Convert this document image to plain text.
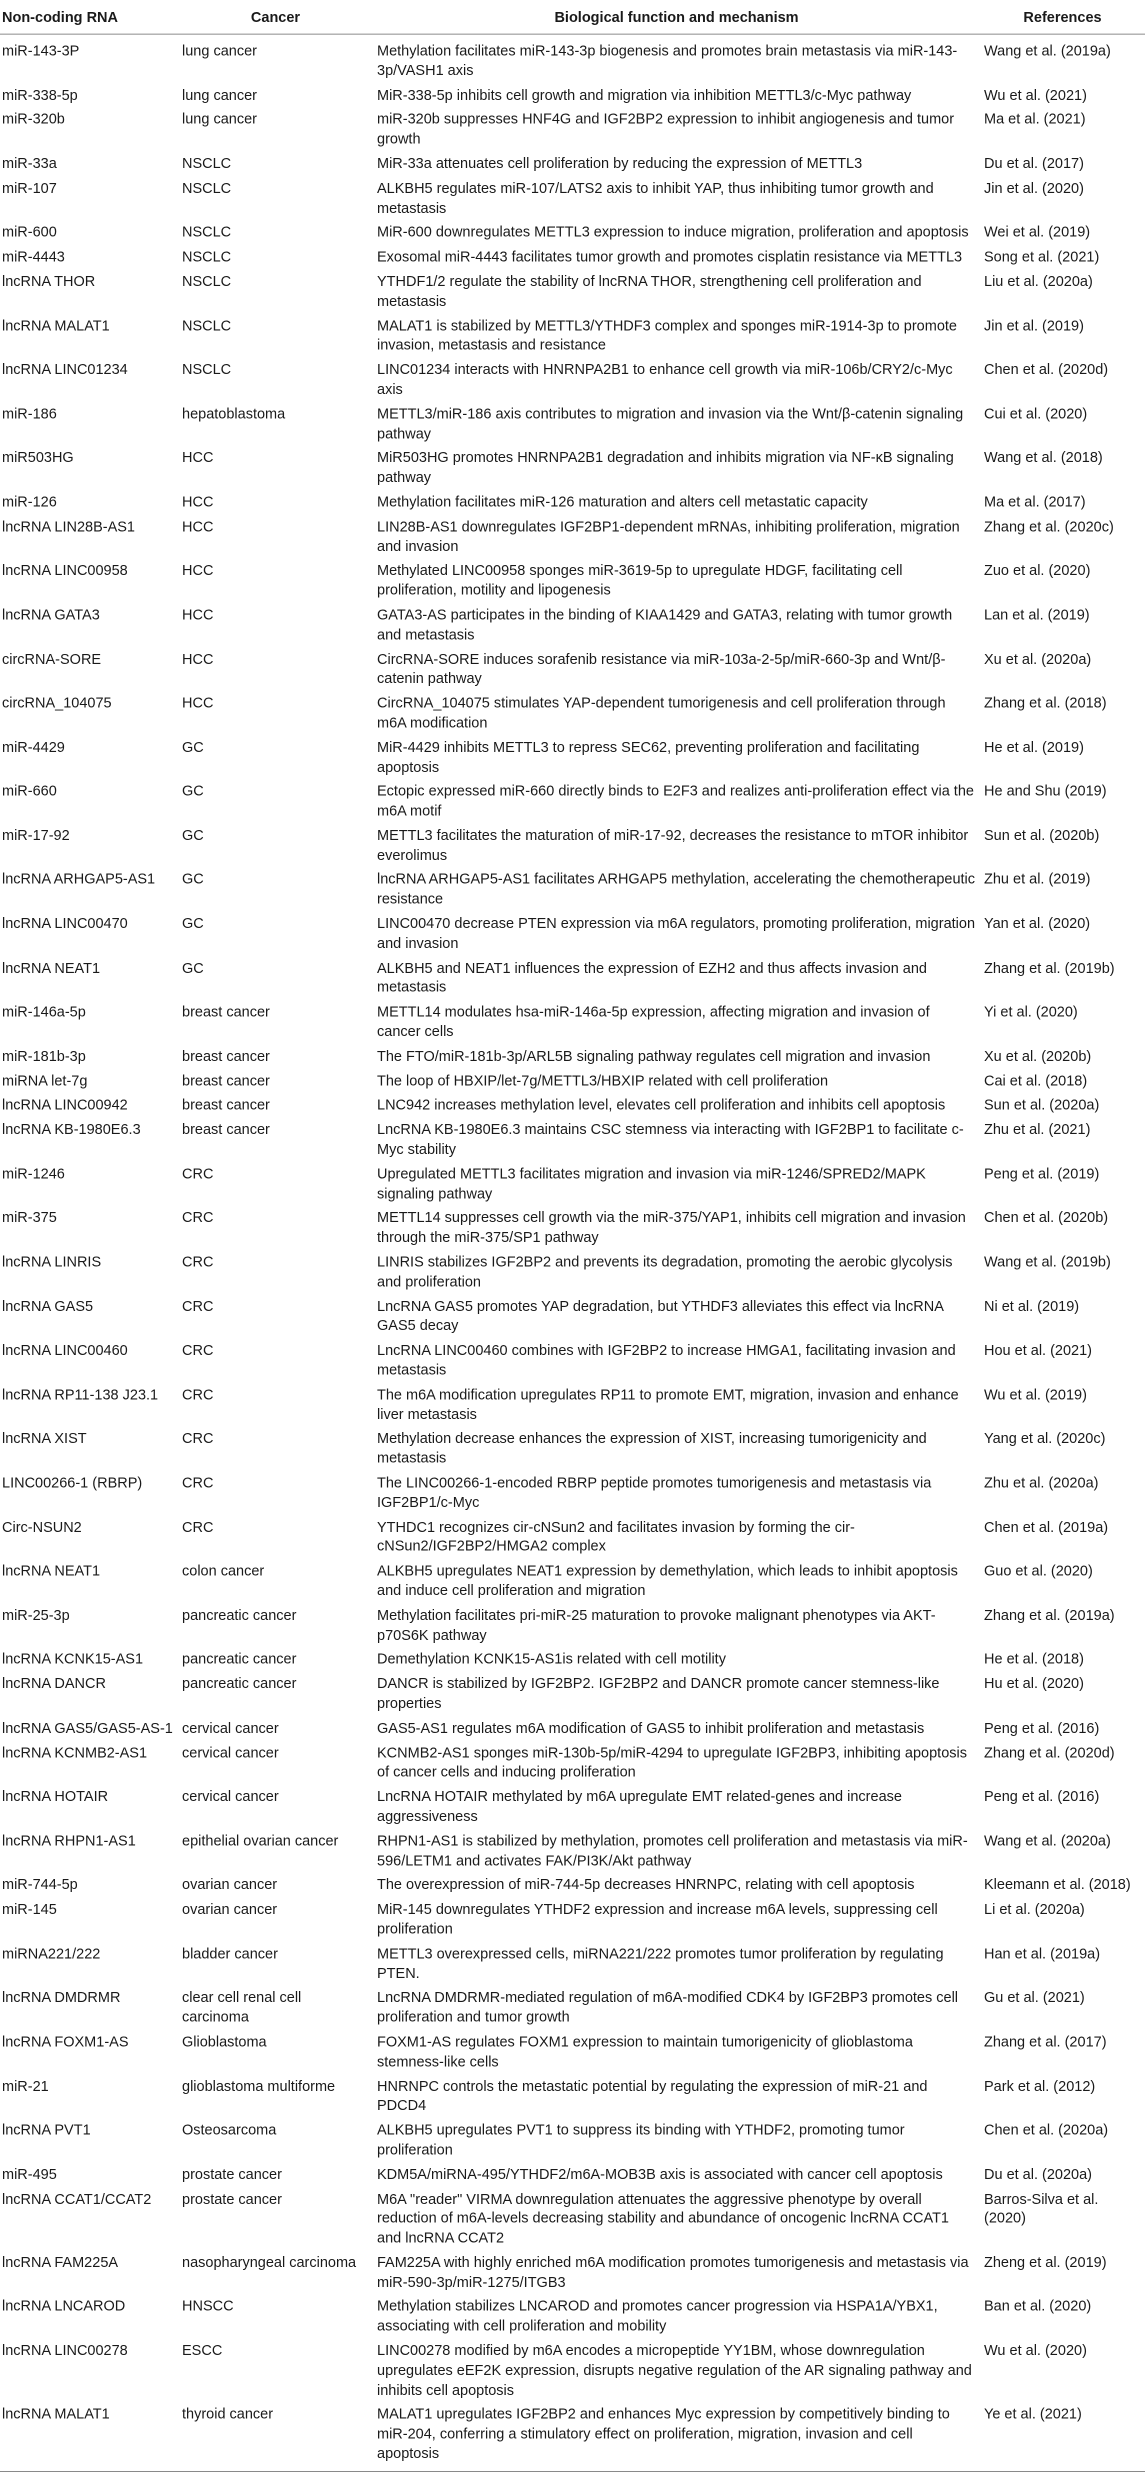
Non-coding RNA	Cancer	Biological function and mechanism	References
miR-143-3P	lung cancer	Methylation facilitates miR-143-3p biogenesis and promotes brain metastasis via miR-143-3p/VASH1 axis	Wang et al. (2019a)
miR-338-5p	lung cancer	MiR-338-5p inhibits cell growth and migration via inhibition METTL3/c-Myc pathway	Wu et al. (2021)
miR-320b	lung cancer	miR-320b suppresses HNF4G and IGF2BP2 expression to inhibit angiogenesis and tumor growth	Ma et al. (2021)
miR-33a	NSCLC	MiR-33a attenuates cell proliferation by reducing the expression of METTL3	Du et al. (2017)
miR-107	NSCLC	ALKBH5 regulates miR-107/LATS2 axis to inhibit YAP, thus inhibiting tumor growth and metastasis	Jin et al. (2020)
miR-600	NSCLC	MiR-600 downregulates METTL3 expression to induce migration, proliferation and apoptosis	Wei et al. (2019)
miR-4443	NSCLC	Exosomal miR-4443 facilitates tumor growth and promotes cisplatin resistance via METTL3	Song et al. (2021)
lncRNA THOR	NSCLC	YTHDF1/2 regulate the stability of lncRNA THOR, strengthening cell proliferation and metastasis	Liu et al. (2020a)
lncRNA MALAT1	NSCLC	MALAT1 is stabilized by METTL3/YTHDF3 complex and sponges miR-1914-3p to promote invasion, metastasis and resistance	Jin et al. (2019)
lncRNA LINC01234	NSCLC	LINC01234 interacts with HNRNPA2B1 to enhance cell growth via miR-106b/CRY2/c-Myc axis	Chen et al. (2020d)
miR-186	hepatoblastoma	METTL3/miR-186 axis contributes to migration and invasion via the Wnt/β-catenin signaling pathway	Cui et al. (2020)
miR503HG	HCC	MiR503HG promotes HNRNPA2B1 degradation and inhibits migration via NF-κB signaling pathway	Wang et al. (2018)
miR-126	HCC	Methylation facilitates miR-126 maturation and alters cell metastatic capacity	Ma et al. (2017)
lncRNA LIN28B-AS1	HCC	LIN28B-AS1 downregulates IGF2BP1-dependent mRNAs, inhibiting proliferation, migration and invasion	Zhang et al. (2020c)
lncRNA LINC00958	HCC	Methylated LINC00958 sponges miR-3619-5p to upregulate HDGF, facilitating cell proliferation, motility and lipogenesis	Zuo et al. (2020)
lncRNA GATA3	HCC	GATA3-AS participates in the binding of KIAA1429 and GATA3, relating with tumor growth and metastasis	Lan et al. (2019)
circRNA-SORE	HCC	CircRNA-SORE induces sorafenib resistance via miR-103a-2-5p/miR-660-3p and Wnt/β-catenin pathway	Xu et al. (2020a)
circRNA_104075	HCC	CircRNA_104075 stimulates YAP-dependent tumorigenesis and cell proliferation through m6A modification	Zhang et al. (2018)
miR-4429	GC	MiR-4429 inhibits METTL3 to repress SEC62, preventing proliferation and facilitating apoptosis	He et al. (2019)
miR-660	GC	Ectopic expressed miR-660 directly binds to E2F3 and realizes anti-proliferation effect via the m6A motif	He and Shu (2019)
miR-17-92	GC	METTL3 facilitates the maturation of miR-17-92, decreases the resistance to mTOR inhibitor everolimus	Sun et al. (2020b)
lncRNA ARHGAP5-AS1	GC	lncRNA ARHGAP5-AS1 facilitates ARHGAP5 methylation, accelerating the chemotherapeutic resistance	Zhu et al. (2019)
lncRNA LINC00470	GC	LINC00470 decrease PTEN expression via m6A regulators, promoting proliferation, migration and invasion	Yan et al. (2020)
lncRNA NEAT1	GC	ALKBH5 and NEAT1 influences the expression of EZH2 and thus affects invasion and metastasis	Zhang et al. (2019b)
miR-146a-5p	breast cancer	METTL14 modulates hsa-miR-146a-5p expression, affecting migration and invasion of cancer cells	Yi et al. (2020)
miR-181b-3p	breast cancer	The FTO/miR-181b-3p/ARL5B signaling pathway regulates cell migration and invasion	Xu et al. (2020b)
miRNA let-7g	breast cancer	The loop of HBXIP/let-7g/METTL3/HBXIP related with cell proliferation	Cai et al. (2018)
lncRNA LINC00942	breast cancer	LNC942 increases methylation level, elevates cell proliferation and inhibits cell apoptosis	Sun et al. (2020a)
lncRNA KB-1980E6.3	breast cancer	LncRNA KB-1980E6.3 maintains CSC stemness via interacting with IGF2BP1 to facilitate c-Myc stability	Zhu et al. (2021)
miR-1246	CRC	Upregulated METTL3 facilitates migration and invasion via miR-1246/SPRED2/MAPK signaling pathway	Peng et al. (2019)
miR-375	CRC	METTL14 suppresses cell growth via the miR-375/YAP1, inhibits cell migration and invasion through the miR-375/SP1 pathway	Chen et al. (2020b)
lncRNA LINRIS	CRC	LINRIS stabilizes IGF2BP2 and prevents its degradation, promoting the aerobic glycolysis and proliferation	Wang et al. (2019b)
lncRNA GAS5	CRC	LncRNA GAS5 promotes YAP degradation, but YTHDF3 alleviates this effect via lncRNA GAS5 decay	Ni et al. (2019)
lncRNA LINC00460	CRC	LncRNA LINC00460 combines with IGF2BP2 to increase HMGA1, facilitating invasion and metastasis	Hou et al. (2021)
lncRNA RP11-138 J23.1	CRC	The m6A modification upregulates RP11 to promote EMT, migration, invasion and enhance liver metastasis	Wu et al. (2019)
lncRNA XIST	CRC	Methylation decrease enhances the expression of XIST, increasing tumorigenicity and metastasis	Yang et al. (2020c)
LINC00266-1 (RBRP)	CRC	The LINC00266-1-encoded RBRP peptide promotes tumorigenesis and metastasis via IGF2BP1/c-Myc	Zhu et al. (2020a)
Circ-NSUN2	CRC	YTHDC1 recognizes cir-cNSun2 and facilitates invasion by forming the cir-cNSun2/IGF2BP2/HMGA2 complex	Chen et al. (2019a)
lncRNA NEAT1	colon cancer	ALKBH5 upregulates NEAT1 expression by demethylation, which leads to inhibit apoptosis and induce cell proliferation and migration	Guo et al. (2020)
miR-25-3p	pancreatic cancer	Methylation facilitates pri-miR-25 maturation to provoke malignant phenotypes via AKT-p70S6K pathway	Zhang et al. (2019a)
lncRNA KCNK15-AS1	pancreatic cancer	Demethylation KCNK15-AS1is related with cell motility	He et al. (2018)
lncRNA DANCR	pancreatic cancer	DANCR is stabilized by IGF2BP2. IGF2BP2 and DANCR promote cancer stemness-like properties	Hu et al. (2020)
lncRNA GAS5/GAS5-AS-1	cervical cancer	GAS5-AS1 regulates m6A modification of GAS5 to inhibit proliferation and metastasis	Peng et al. (2016)
lncRNA KCNMB2-AS1	cervical cancer	KCNMB2-AS1 sponges miR-130b-5p/miR-4294 to upregulate IGF2BP3, inhibiting apoptosis of cancer cells and inducing proliferation	Zhang et al. (2020d)
lncRNA HOTAIR	cervical cancer	LncRNA HOTAIR methylated by m6A upregulate EMT related-genes and increase aggressiveness	Peng et al. (2016)
lncRNA RHPN1-AS1	epithelial ovarian cancer	RHPN1-AS1 is stabilized by methylation, promotes cell proliferation and metastasis via miR-596/LETM1 and activates FAK/PI3K/Akt pathway	Wang et al. (2020a)
miR-744-5p	ovarian cancer	The overexpression of miR-744-5p decreases HNRNPC, relating with cell apoptosis	Kleemann et al. (2018)
miR-145	ovarian cancer	MiR-145 downregulates YTHDF2 expression and increase m6A levels, suppressing cell proliferation	Li et al. (2020a)
miRNA221/222	bladder cancer	METTL3 overexpressed cells, miRNA221/222 promotes tumor proliferation by regulating PTEN.	Han et al. (2019a)
lncRNA DMDRMR	clear cell renal cell carcinoma	LncRNA DMDRMR-mediated regulation of m6A-modified CDK4 by IGF2BP3 promotes cell proliferation and tumor growth	Gu et al. (2021)
lncRNA FOXM1-AS	Glioblastoma	FOXM1-AS regulates FOXM1 expression to maintain tumorigenicity of glioblastoma stemness-like cells	Zhang et al. (2017)
miR-21	glioblastoma multiforme	HNRNPC controls the metastatic potential by regulating the expression of miR-21 and PDCD4	Park et al. (2012)
lncRNA PVT1	Osteosarcoma	ALKBH5 upregulates PVT1 to suppress its binding with YTHDF2, promoting tumor proliferation	Chen et al. (2020a)
miR-495	prostate cancer	KDM5A/miRNA-495/YTHDF2/m6A-MOB3B axis is associated with cancer cell apoptosis	Du et al. (2020a)
lncRNA CCAT1/CCAT2	prostate cancer	M6A "reader" VIRMA downregulation attenuates the aggressive phenotype by overall reduction of m6A-levels decreasing stability and abundance of oncogenic lncRNA CCAT1 and lncRNA CCAT2	Barros-Silva et al. (2020)
lncRNA FAM225A	nasopharyngeal carcinoma	FAM225A with highly enriched m6A modification promotes tumorigenesis and metastasis via miR-590-3p/miR-1275/ITGB3	Zheng et al. (2019)
lncRNA LNCAROD	HNSCC	Methylation stabilizes LNCAROD and promotes cancer progression via HSPA1A/YBX1, associating with cell proliferation and mobility	Ban et al. (2020)
lncRNA LINC00278	ESCC	LINC00278 modified by m6A encodes a micropeptide YY1BM, whose downregulation upregulates eEF2K expression, disrupts negative regulation of the AR signaling pathway and inhibits cell apoptosis	Wu et al. (2020)
lncRNA MALAT1	thyroid cancer	MALAT1 upregulates IGF2BP2 and enhances Myc expression by competitively binding to miR-204, conferring a stimulatory effect on proliferation, migration, invasion and cell apoptosis	Ye et al. (2021)
